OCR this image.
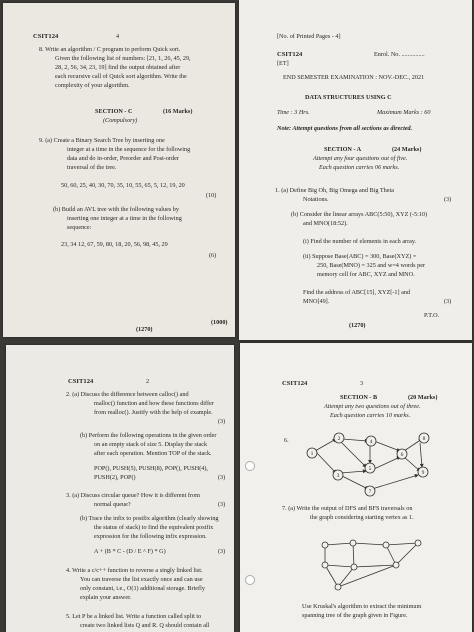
CSIT124	4
8. Write an algorithm / C program to perform Quick sort.
Given the following list of numbers: [21, 1, 26, 45, 29,
28, 2, 56, 34, 23, 19] find the output obtained after
each recursive call of Quick sort algorithm. Write the
complexity of your algorithm.
SECTION - C	(16 Marks)
(Compulsory)
9. (a) Create a Binary Search Tree by inserting one
integer at a time in the sequence for the following
data and do in-order, Preorder and Post-order
traversal of the tree.
50, 60, 25, 40, 30, 70, 35, 10, 55, 65, 5, 12, 19, 20
(10)
(b) Build an AVL tree with the following values by
inserting one integer at a time in the following
sequence:
23, 34 12, 67, 59, 80, 18, 20, 56, 98, 45, 29
(6)
(1270)
(1000)
[No. of Printed Pages - 4]
CSIT124	Enrol. No. ...............
[ET]
END SEMESTER EXAMINATION : NOV.-DEC., 2021
DATA STRUCTURES USING C
Time : 3 Hrs.	Maximum Marks : 60
Note: Attempt questions from all sections as directed.
SECTION - A	(24 Marks)
Attempt any four questions out of five.
Each question carries 06 marks.
1. (a) Define Big Oh, Big Omega and Big Theta
Notations.	(3)
(b) Consider the linear arrays ABC(5:50), XYZ (-5:10)
and MNO(18:52).
(i) Find the number of elements in each array.
(ii) Suppose Base(ABC) = 300, Base(XYZ) =
250, Base(MNO) = 325 and w=4 words per
memory cell for ABC, XYZ and MNO.
Find the address of ABC[15], XYZ[-1] and
MNO[49].	(3)
P.T.O.
(1270)
CSIT124	2
2. (a) Discuss the difference between calloc() and
malloc() function and how these functions differ
from realloc(). Justify with the help of example.
(3)
(b) Perform the following operations in the given order
on an empty stack of size 5. Display the stack
after each operation. Mention TOP of the stack.
POP(), PUSH(5), PUSH(8), POP(), PUSH(4),
PUSH(2), POP()	(3)
3. (a) Discuss circular queue? How it is different from
normal queue?	(3)
(b) Trace the infix to postfix algorithm (clearly showing
the status of stack) to find the equivalent postfix
expression for the following infix expression.
A + (B * C - (D / E ^ F) * G)	(3)
4. Write a c/c++ function to reverse a singly linked list.
You can traverse the list exactly once and can use
only constant, i.e., O(1) additional storage. Briefly
explain your answer.
5. Let P be a linked list. Write a function called split to
create two linked lists Q and R. Q should contain all
CSIT124	3
SECTION - B	(20 Marks)
Attempt any two questions out of three.
Each question carries 10 marks.
6.
1
2
3
4
5
6
7
8
9
7. (a) Write the output of DFS and BFS traversals on
the graph considering starting vertex as 1.
Use Kruskal's algorithm to extract the minimum
spanning tree of the graph given in Figure.
